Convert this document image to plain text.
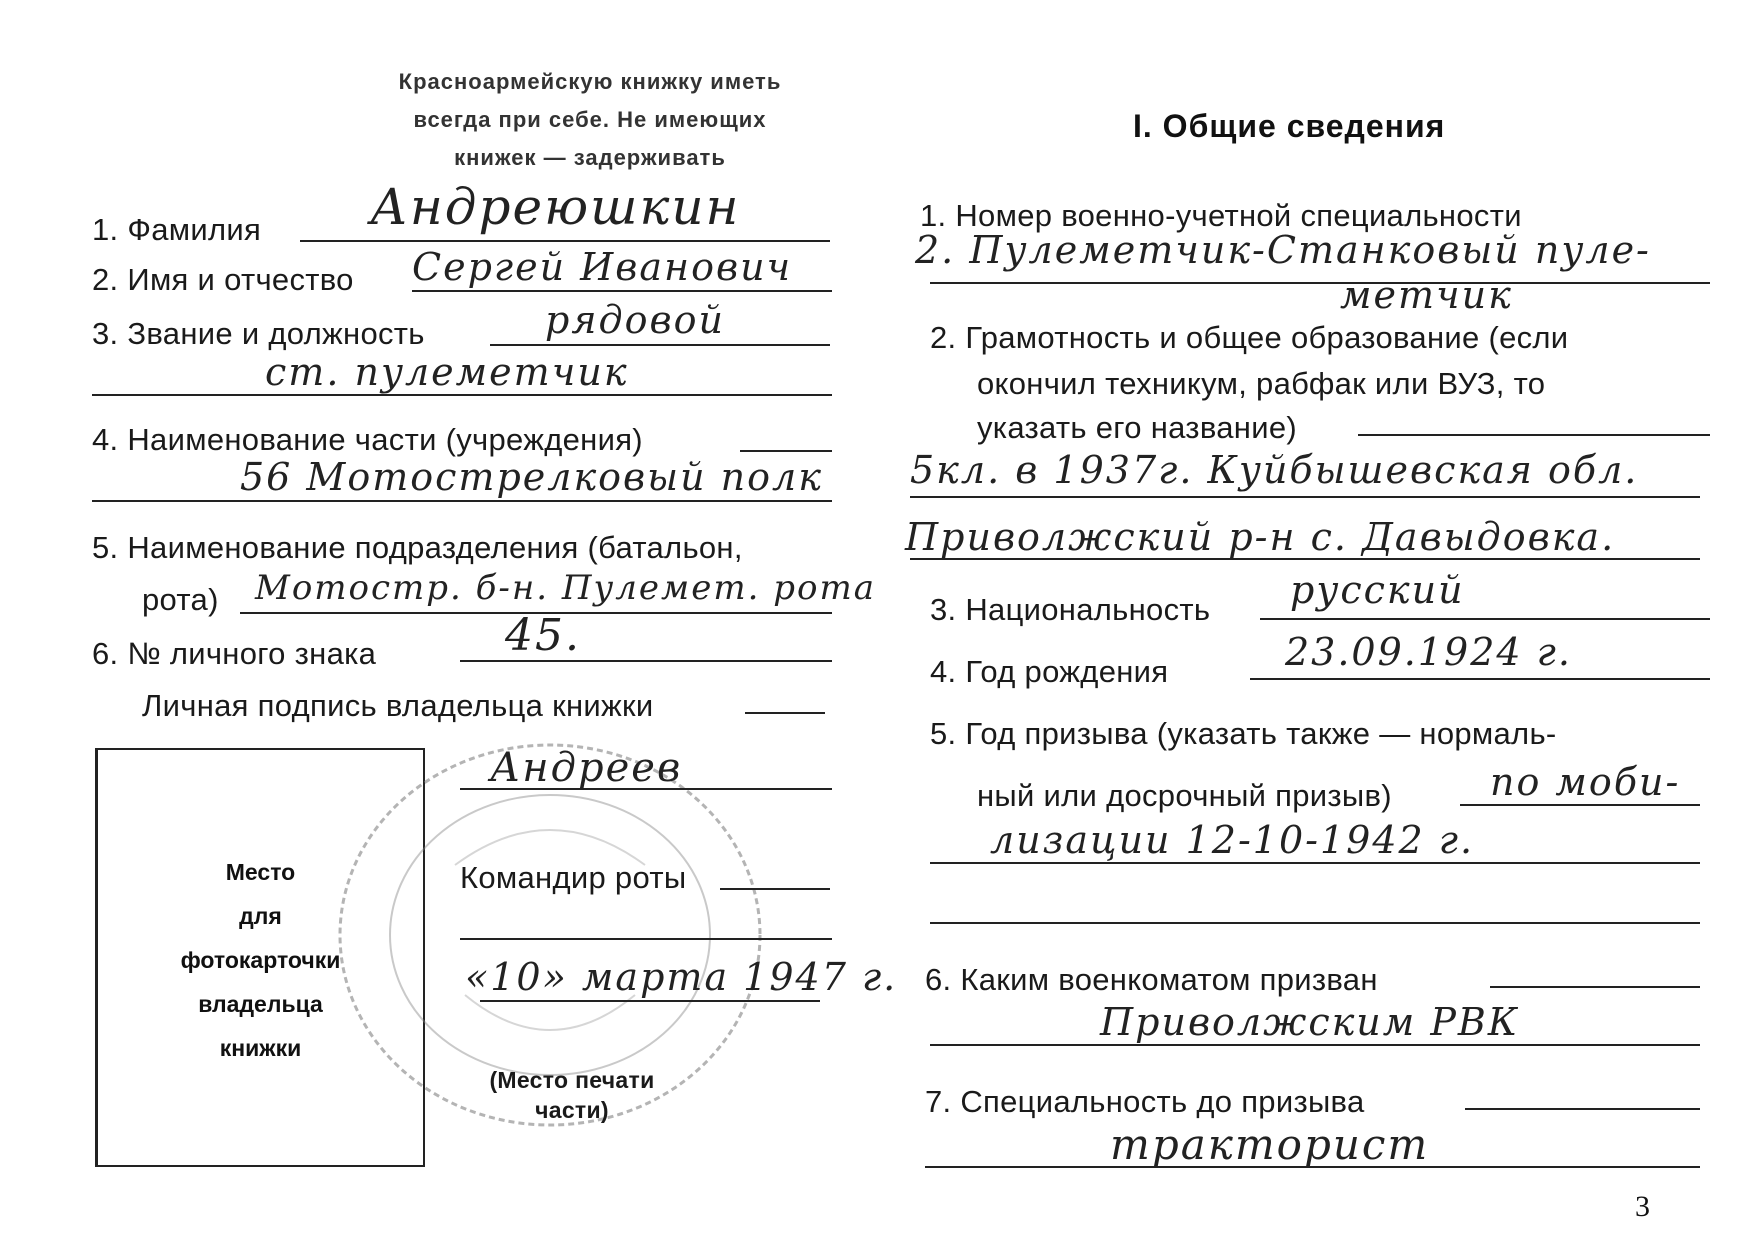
Красноармейскую книжку иметь
всегда при себе. Не имеющих
книжек — задерживать
1. Фамилия Андреюшкин
2. Имя и отчество Сергей Иванович
3. Звание и должность	рядовой
ст. пулеметчик
4. Наименование части (учреждения)
56 Мотострелковый полк
5. Наименование подразделения (батальон,
рота) Мотостр. б-н. Пулемет. рота
6. № личного знака	45.
Личная подпись владельца книжки
Место
для
фотокарточки
владельца
книжки
Андреев
Командир роты
«10» марта 1947 г.
(Место печати части)
I. Общие сведения
1. Номер военно-учетной специальности
2. Пулеметчик-Станковый пуле-
метчик
2. Грамотность и общее образование (если
окончил техникум, рабфак или ВУЗ, то
указать его название)
5кл. в 1937г. Куйбышевская обл.
Приволжский р-н с. Давыдовка.
3. Национальность русский
4. Год рождения	23.09.1924 г.
5. Год призыва (указать также — нормаль-
ный или досрочный призыв)	по моби-
лизации 12-10-1942 г.
6. Каким военкоматом призван
Приволжским РВК
7. Специальность до призыва
тракторист
3
